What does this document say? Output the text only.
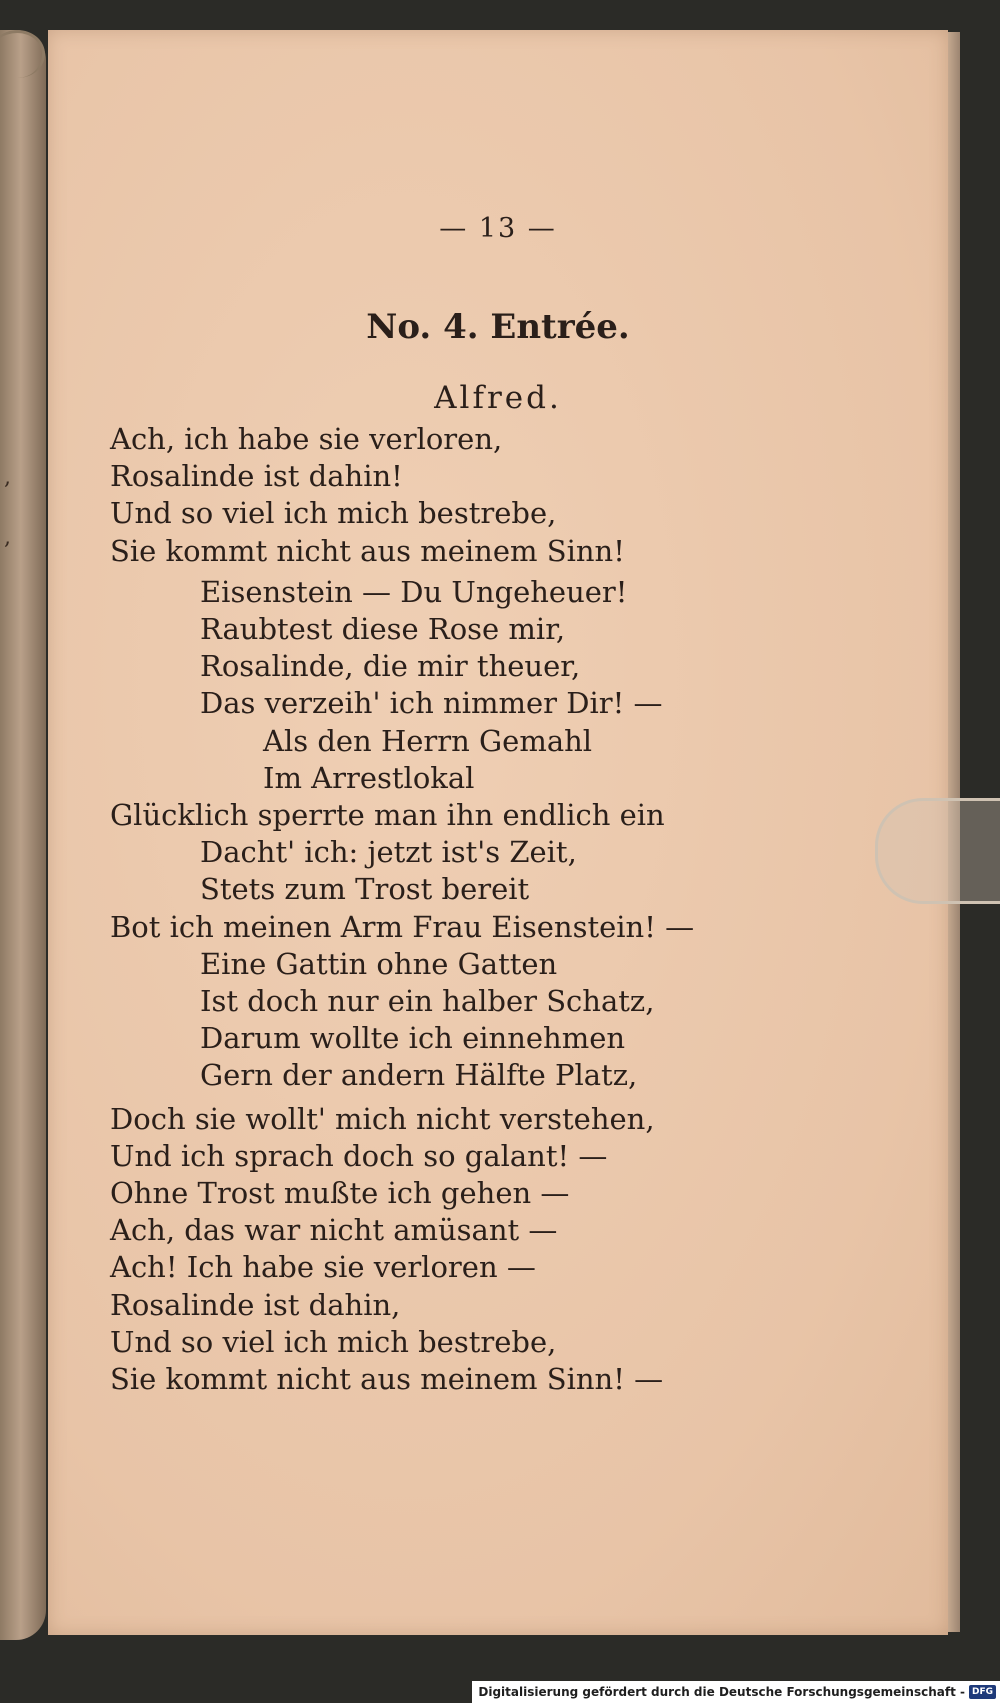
,
,
— 13 —
No. 4. Entrée.
Alfred.
Ach, ich habe sie verloren,
Rosalinde ist dahin!
Und so viel ich mich bestrebe,
Sie kommt nicht aus meinem Sinn!
Eisenstein — Du Ungeheuer!
Raubtest diese Rose mir,
Rosalinde, die mir theuer,
Das verzeih' ich nimmer Dir! —
Als den Herrn Gemahl
Im Arrestlokal
Glücklich sperrte man ihn endlich ein
Dacht' ich: jetzt ist's Zeit,
Stets zum Trost bereit
Bot ich meinen Arm Frau Eisenstein! —
Eine Gattin ohne Gatten
Ist doch nur ein halber Schatz,
Darum wollte ich einnehmen
Gern der andern Hälfte Platz,
Doch sie wollt' mich nicht verstehen,
Und ich sprach doch so galant! —
Ohne Trost mußte ich gehen —
Ach, das war nicht amüsant —
Ach! Ich habe sie verloren —
Rosalinde ist dahin,
Und so viel ich mich bestrebe,
Sie kommt nicht aus meinem Sinn! —
Digitalisierung gefördert durch die Deutsche Forschungsgemeinschaft - DFG
